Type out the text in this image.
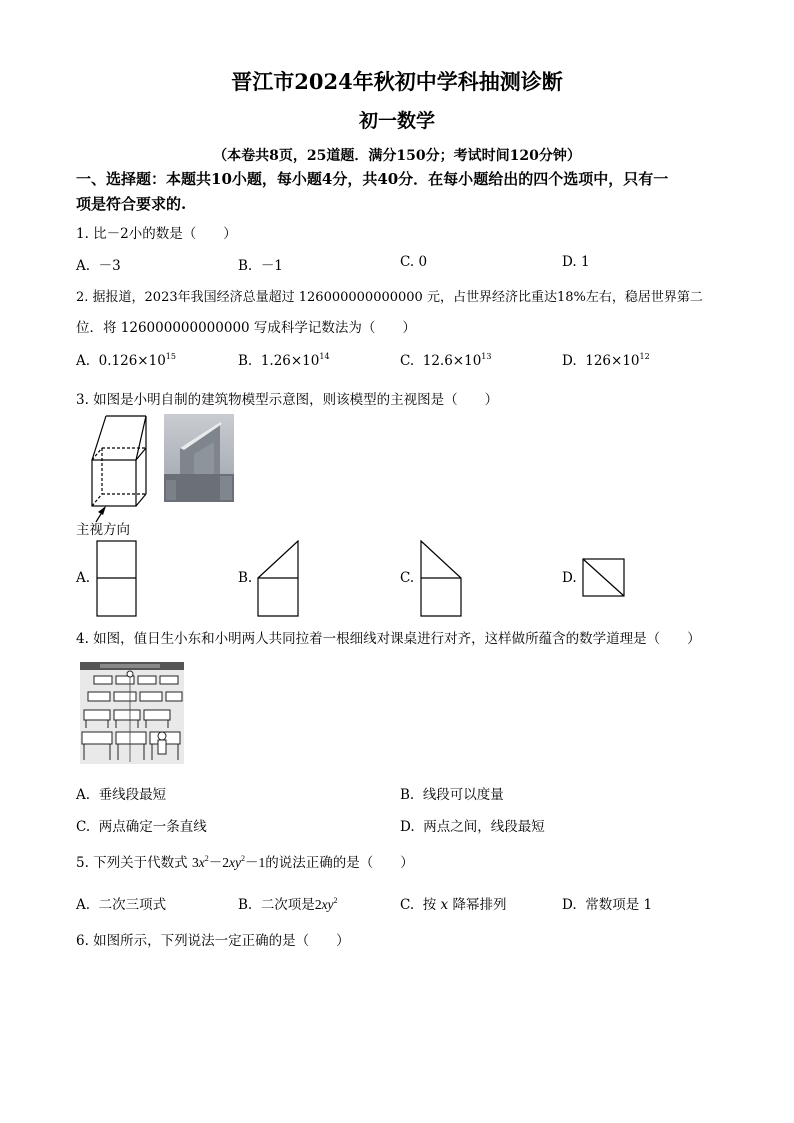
晋江市2024年秋初中学科抽测诊断
初一数学
（本卷共8页，25道题．满分150分；考试时间120分钟）
一、选择题：本题共10小题，每小题4分，共40分．在每小题给出的四个选项中，只有一
项是符合要求的.
1. 比－2小的数是（　　）
A. －3	B. －1	C. 0	D. 1
2. 据报道，2023年我国经济总量超过 126000000000000 元，占世界经济比重达18%左右，稳居世界第二
位．将 126000000000000 写成科学记数法为（　　）
A. $0.126\times 10^{15}$	B. $1.26\times 10^{14}$	C. $12.6\times 10^{13}$	D. $126\times 10^{12}$
3. 如图是小明自制的建筑物模型示意图，则该模型的主视图是（　　）
主视方向
A.	B.	C.	D.
4. 如图，值日生小东和小明两人共同拉着一根细线对课桌进行对齐，这样做所蕴含的数学道理是（　　）
A. 垂线段最短	B. 线段可以度量
C. 两点确定一条直线	D. 两点之间，线段最短
5. 下列关于代数式 $3x^2-2xy^2-1$的说法正确的是（　　）
A. 二次三项式	B. 二次项是$2xy^2$	C. 按 x 降幂排列	D. 常数项是 1
6. 如图所示，下列说法一定正确的是（　　）
